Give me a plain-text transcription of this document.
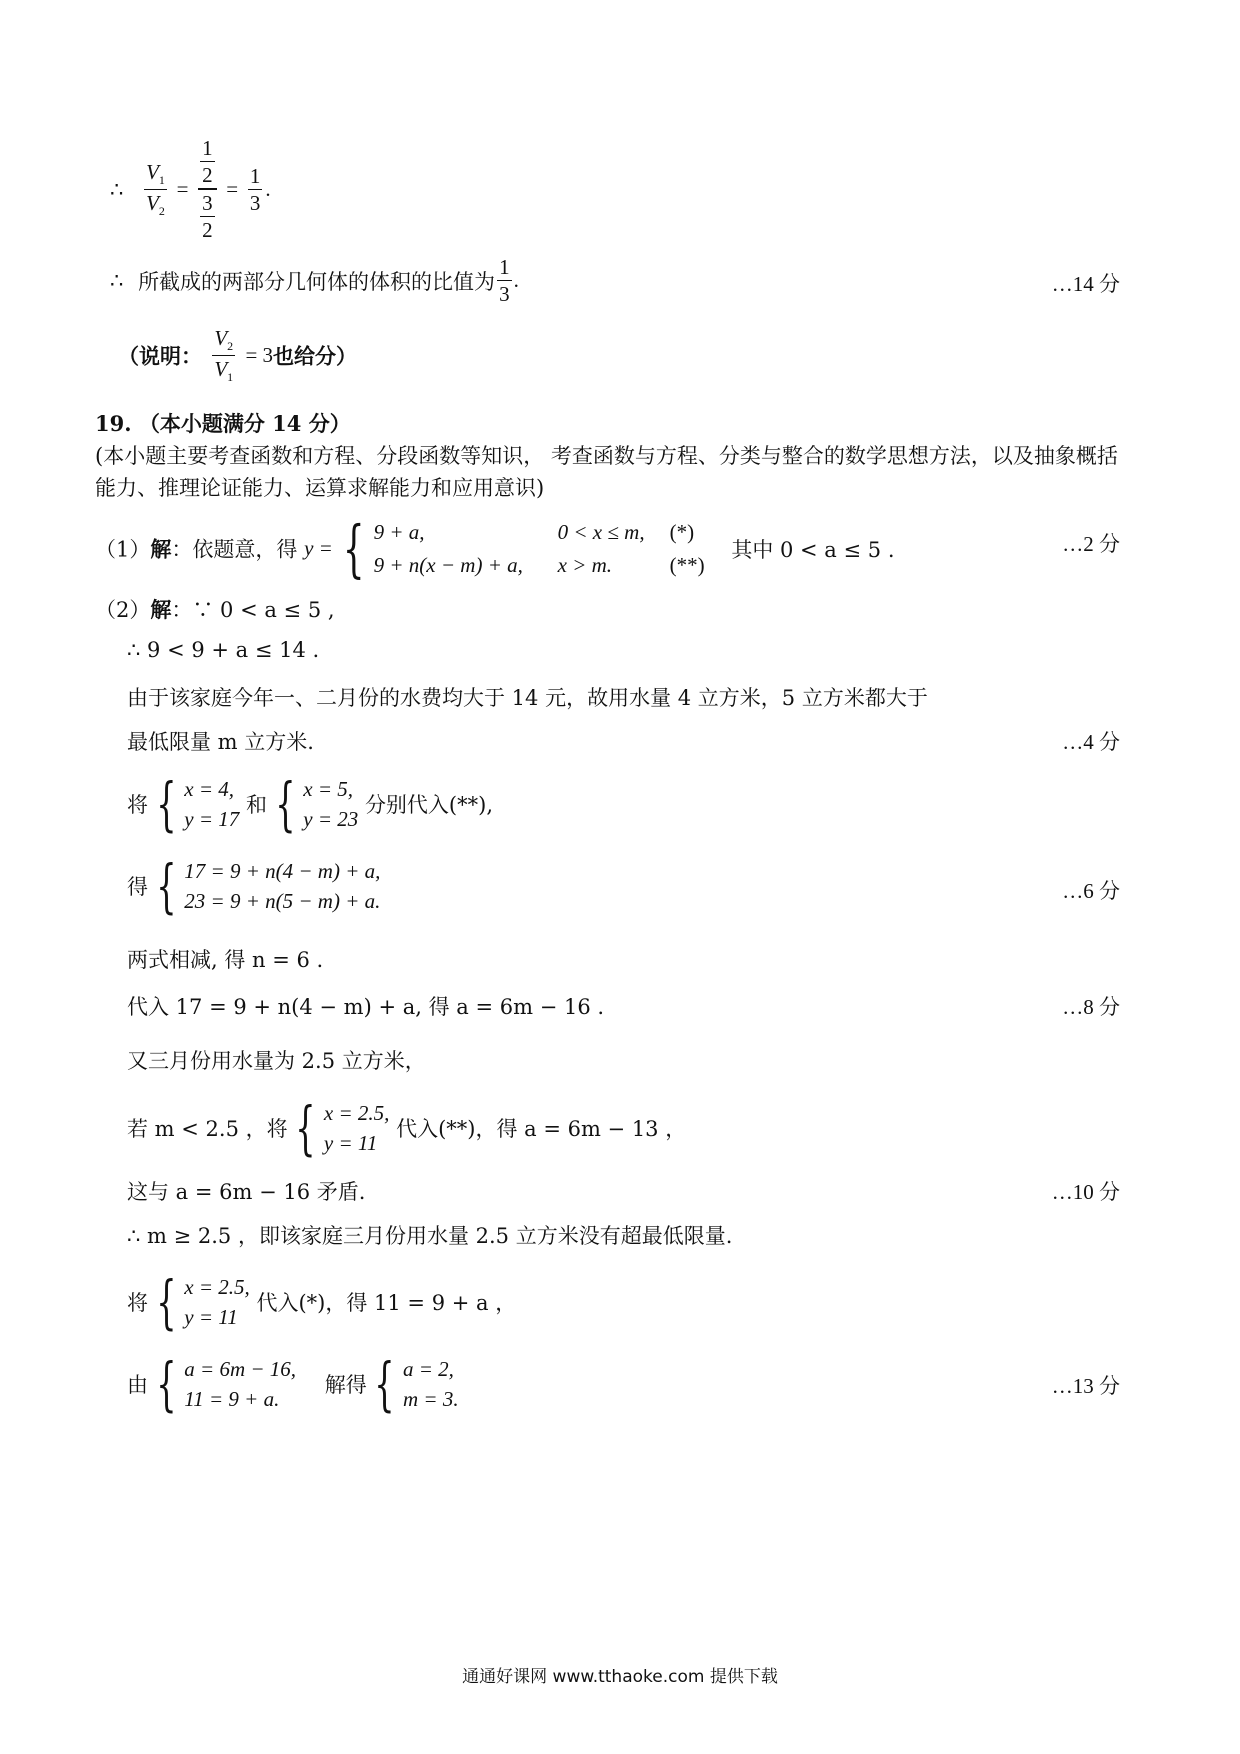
∴ $\frac{V_1}{V_2} = \frac{\frac{1}{2}}{\frac{3}{2}} = \frac{1}{3}$ .
∴ 所截成的两部分几何体的体积的比值为 $\frac{1}{3}$ .	…14 分
（说明： $\frac{V_2}{V_1} = 3$也给分）
19. （本小题满分 14 分）
(本小题主要考查函数和方程、分段函数等知识， 考查函数与方程、分类与整合的数学思想方法，以及抽象概括能力、推理论证能力、运算求解能力和应用意识)
（1）解：依题意，得 y = { 9 + a,	0 < x ≤ m, (*)
9 + n(x − m) + a, x > m.	(**)
其中 0 < a ≤ 5 .	…2 分
（2）解：∵ 0 < a ≤ 5 ,
∴ 9 < 9 + a ≤ 14 .
由于该家庭今年一、二月份的水费均大于 14 元，故用水量 4 立方米，5 立方米都大于
最低限量 m 立方米.	…4 分
将 { x = 4,
y = 17
和 { x = 5,
y = 23
分别代入(**),
得 { 17 = 9 + n(4 − m) + a,
23 = 9 + n(5 − m) + a.	…6 分
两式相减, 得 n = 6 .
代入 17 = 9 + n(4 − m) + a, 得 a = 6m − 16 .	…8 分
又三月份用水量为 2.5 立方米，
若 m < 2.5 ，将 { x = 2.5,
y = 11
代入(**)，得 a = 6m − 13 ，
这与 a = 6m − 16 矛盾.	…10 分
∴ m ≥ 2.5 ，即该家庭三月份用水量 2.5 立方米没有超最低限量.
将 { x = 2.5,
y = 11
代入(*)，得 11 = 9 + a ，
由 { a = 6m − 16,
11 = 9 + a.
解得 { a = 2,
m = 3.
…13 分
通通好课网 www.tthaoke.com 提供下载
